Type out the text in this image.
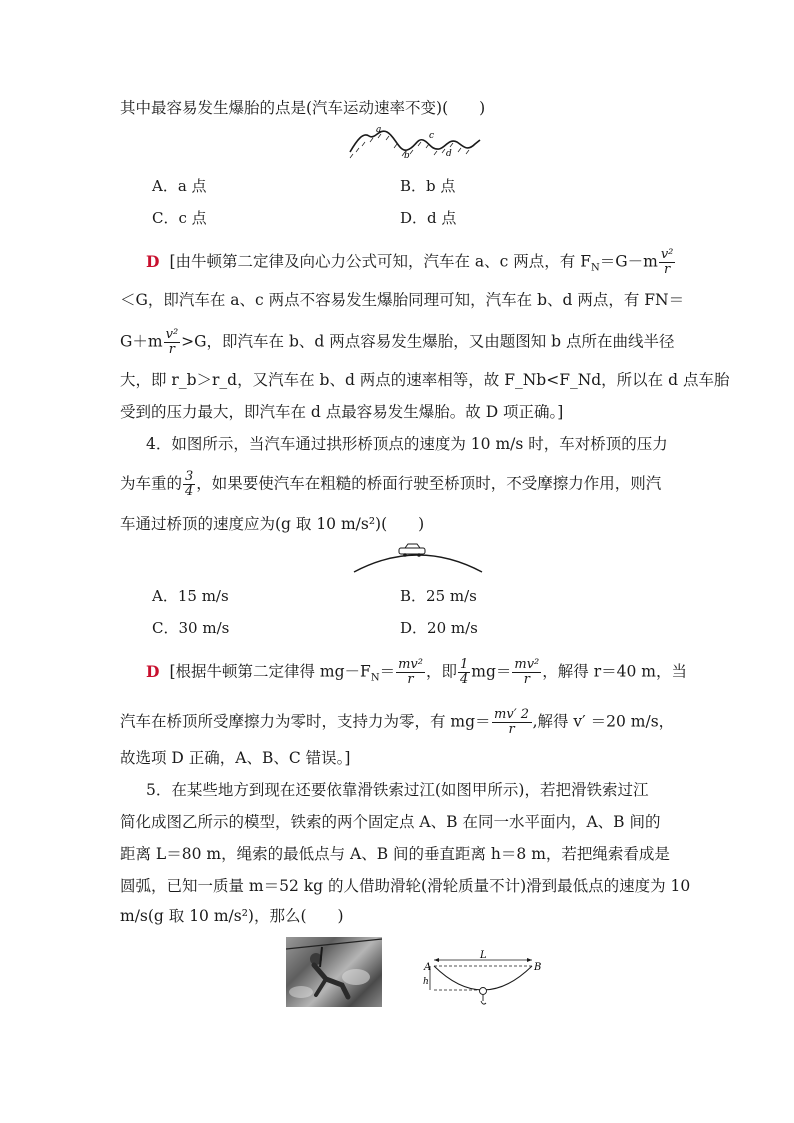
其中最容易发生爆胎的点是(汽车运动速率不变)(　　)
a
b
c
d
A．a 点	B．b 点
C．c 点	D．d 点
D [由牛顿第二定律及向心力公式可知，汽车在 a、c 两点，有 $F_N=G-m \frac{\text{v²}}{r}$
＜G，即汽车在 a、c 两点不容易发生爆胎同理可知，汽车在 b、d 两点，有 FN＝
$G+m \frac{\text{v²}}{r} >G$，即汽车在 b、d 两点容易发生爆胎，又由题图知 b 点所在曲线半径
大，即 r_b＞r_d，又汽车在 b、d 两点的速率相等，故 F_Nb<F_Nd，所以在 d 点车胎
受到的压力最大，即汽车在 d 点最容易发生爆胎。故 D 项正确。]
4．如图所示，当汽车通过拱形桥顶点的速度为 10 m/s 时，车对桥顶的压力
为车重的 $\frac{3}{4}$ ，如果要使汽车在粗糙的桥面行驶至桥顶时，不受摩擦力作用，则汽
车通过桥顶的速度应为(g 取 10 m/s²)(　　)
A．15 m/s	B．25 m/s
C．30 m/s	D．20 m/s
D [根据牛顿第二定律得 $mg-F_N= \frac{\text{mv²}}{r}$ ，即 $\frac{1}{4} mg= \frac{\text{mv²}}{r}$ ，解得 r＝40 m，当
汽车在桥顶所受摩擦力为零时，支持力为零，有 $mg= \frac{mv' 2}{r}$ ,解得 v′ ＝20 m/s，
故选项 D 正确，A、B、C 错误。]
5．在某些地方到现在还要依靠滑铁索过江(如图甲所示)，若把滑铁索过江
简化成图乙所示的模型，铁索的两个固定点 A、B 在同一水平面内，A、B 间的
距离 L＝80 m，绳索的最低点与 A、B 间的垂直距离 h＝8 m，若把绳索看成是
圆弧，已知一质量 m＝52 kg 的人借助滑轮(滑轮质量不计)滑到最低点的速度为 10
m/s(g 取 10 m/s²)，那么(　　)
L
A	B
h
